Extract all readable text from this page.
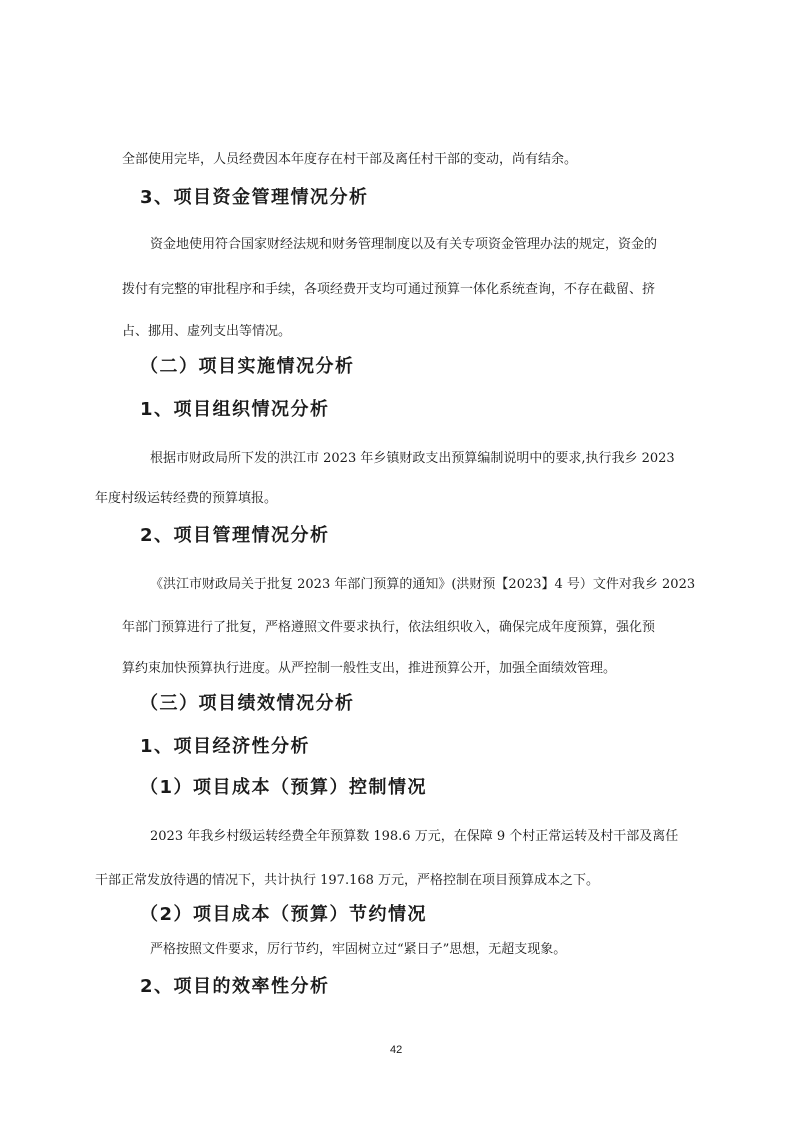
全部使用完毕，人员经费因本年度存在村干部及离任村干部的变动，尚有结余。

3、项目资金管理情况分析

资金地使用符合国家财经法规和财务管理制度以及有关专项资金管理办法的规定，资金的

拨付有完整的审批程序和手续，各项经费开支均可通过预算一体化系统查询，不存在截留、挤

占、挪用、虚列支出等情况。

（二）项目实施情况分析
1、项目组织情况分析

根据市财政局所下发的洪江市 2023 年乡镇财政支出预算编制说明中的要求,执行我乡 2023

年度村级运转经费的预算填报。

2、项目管理情况分析

《洪江市财政局关于批复 2023 年部门预算的通知》(洪财预【2023】4 号）文件对我乡 2023

年部门预算进行了批复，严格遵照文件要求执行，依法组织收入，确保完成年度预算，强化预

算约束加快预算执行进度。从严控制一般性支出，推进预算公开，加强全面绩效管理。

（三）项目绩效情况分析
1、项目经济性分析
（1）项目成本（预算）控制情况

2023 年我乡村级运转经费全年预算数 198.6 万元，在保障 9 个村正常运转及村干部及离任

干部正常发放待遇的情况下，共计执行 197.168 万元，严格控制在项目预算成本之下。

（2）项目成本（预算）节约情况

严格按照文件要求，厉行节约，牢固树立过“紧日子”思想，无超支现象。

2、项目的效率性分析
42
